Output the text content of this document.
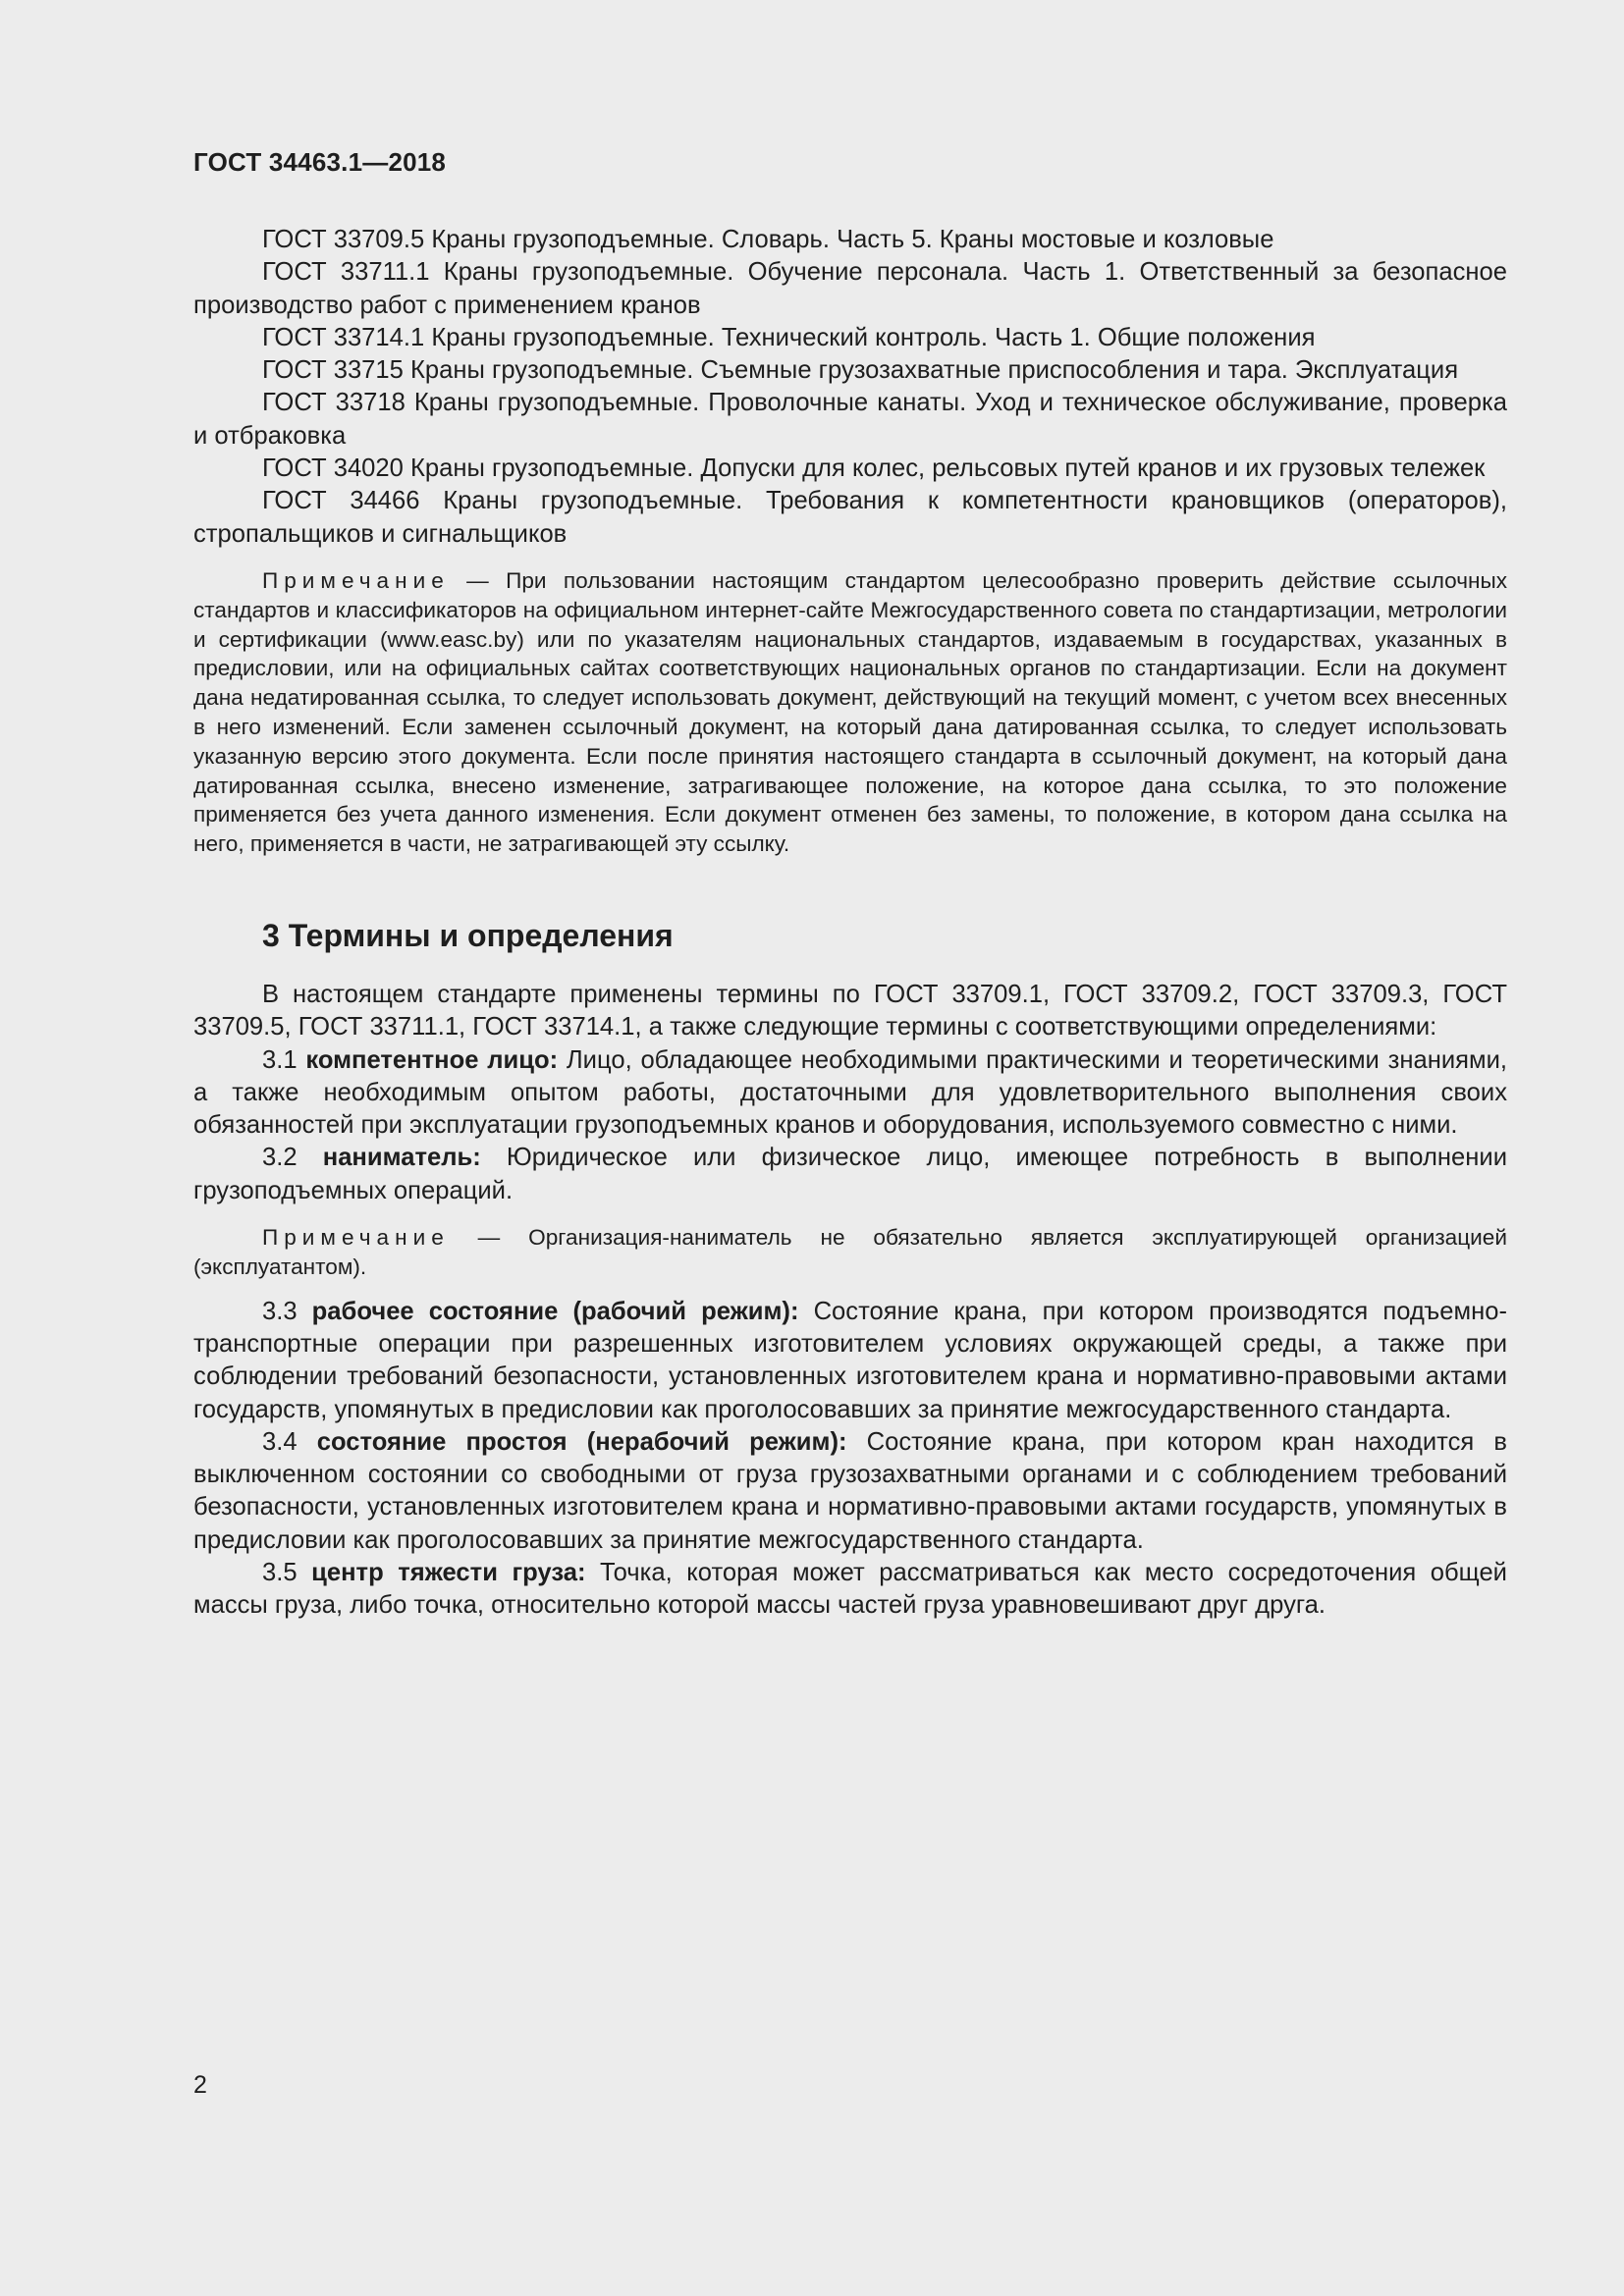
ГОСТ 34463.1—2018

ГОСТ 33709.5 Краны грузоподъемные. Словарь. Часть 5. Краны мостовые и козловые

ГОСТ 33711.1 Краны грузоподъемные. Обучение персонала. Часть 1. Ответственный за безопасное производство работ с применением кранов

ГОСТ 33714.1 Краны грузоподъемные. Технический контроль. Часть 1. Общие положения

ГОСТ 33715 Краны грузоподъемные. Съемные грузозахватные приспособления и тара. Эксплуатация

ГОСТ 33718 Краны грузоподъемные. Проволочные канаты. Уход и техническое обслуживание, проверка и отбраковка

ГОСТ 34020 Краны грузоподъемные. Допуски для колес, рельсовых путей кранов и их грузовых тележек

ГОСТ 34466 Краны грузоподъемные. Требования к компетентности крановщиков (операторов), стропальщиков и сигнальщиков

Примечание — При пользовании настоящим стандартом целесообразно проверить действие ссылочных стандартов и классификаторов на официальном интернет-сайте Межгосударственного совета по стандартизации, метрологии и сертификации (www.easc.by) или по указателям национальных стандартов, издаваемым в государствах, указанных в предисловии, или на официальных сайтах соответствующих национальных органов по стандартизации. Если на документ дана недатированная ссылка, то следует использовать документ, действующий на текущий момент, с учетом всех внесенных в него изменений. Если заменен ссылочный документ, на который дана датированная ссылка, то следует использовать указанную версию этого документа. Если после принятия настоящего стандарта в ссылочный документ, на который дана датированная ссылка, внесено изменение, затрагивающее положение, на которое дана ссылка, то это положение применяется без учета данного изменения. Если документ отменен без замены, то положение, в котором дана ссылка на него, применяется в части, не затрагивающей эту ссылку.

3 Термины и определения

В настоящем стандарте применены термины по ГОСТ 33709.1, ГОСТ 33709.2, ГОСТ 33709.3, ГОСТ 33709.5, ГОСТ 33711.1, ГОСТ 33714.1, а также следующие термины с соответствующими определениями:

3.1 компетентное лицо: Лицо, обладающее необходимыми практическими и теоретическими знаниями, а также необходимым опытом работы, достаточными для удовлетворительного выполнения своих обязанностей при эксплуатации грузоподъемных кранов и оборудования, используемого совместно с ними.

3.2 наниматель: Юридическое или физическое лицо, имеющее потребность в выполнении грузоподъемных операций.

Примечание — Организация-наниматель не обязательно является эксплуатирующей организацией (эксплуатантом).

3.3 рабочее состояние (рабочий режим): Состояние крана, при котором производятся подъемно-транспортные операции при разрешенных изготовителем условиях окружающей среды, а также при соблюдении требований безопасности, установленных изготовителем крана и нормативно-правовыми актами государств, упомянутых в предисловии как проголосовавших за принятие межгосударственного стандарта.

3.4 состояние простоя (нерабочий режим): Состояние крана, при котором кран находится в выключенном состоянии со свободными от груза грузозахватными органами и с соблюдением требований безопасности, установленных изготовителем крана и нормативно-правовыми актами государств, упомянутых в предисловии как проголосовавших за принятие межгосударственного стандарта.

3.5 центр тяжести груза: Точка, которая может рассматриваться как место сосредоточения общей массы груза, либо точка, относительно которой массы частей груза уравновешивают друг друга.

2
